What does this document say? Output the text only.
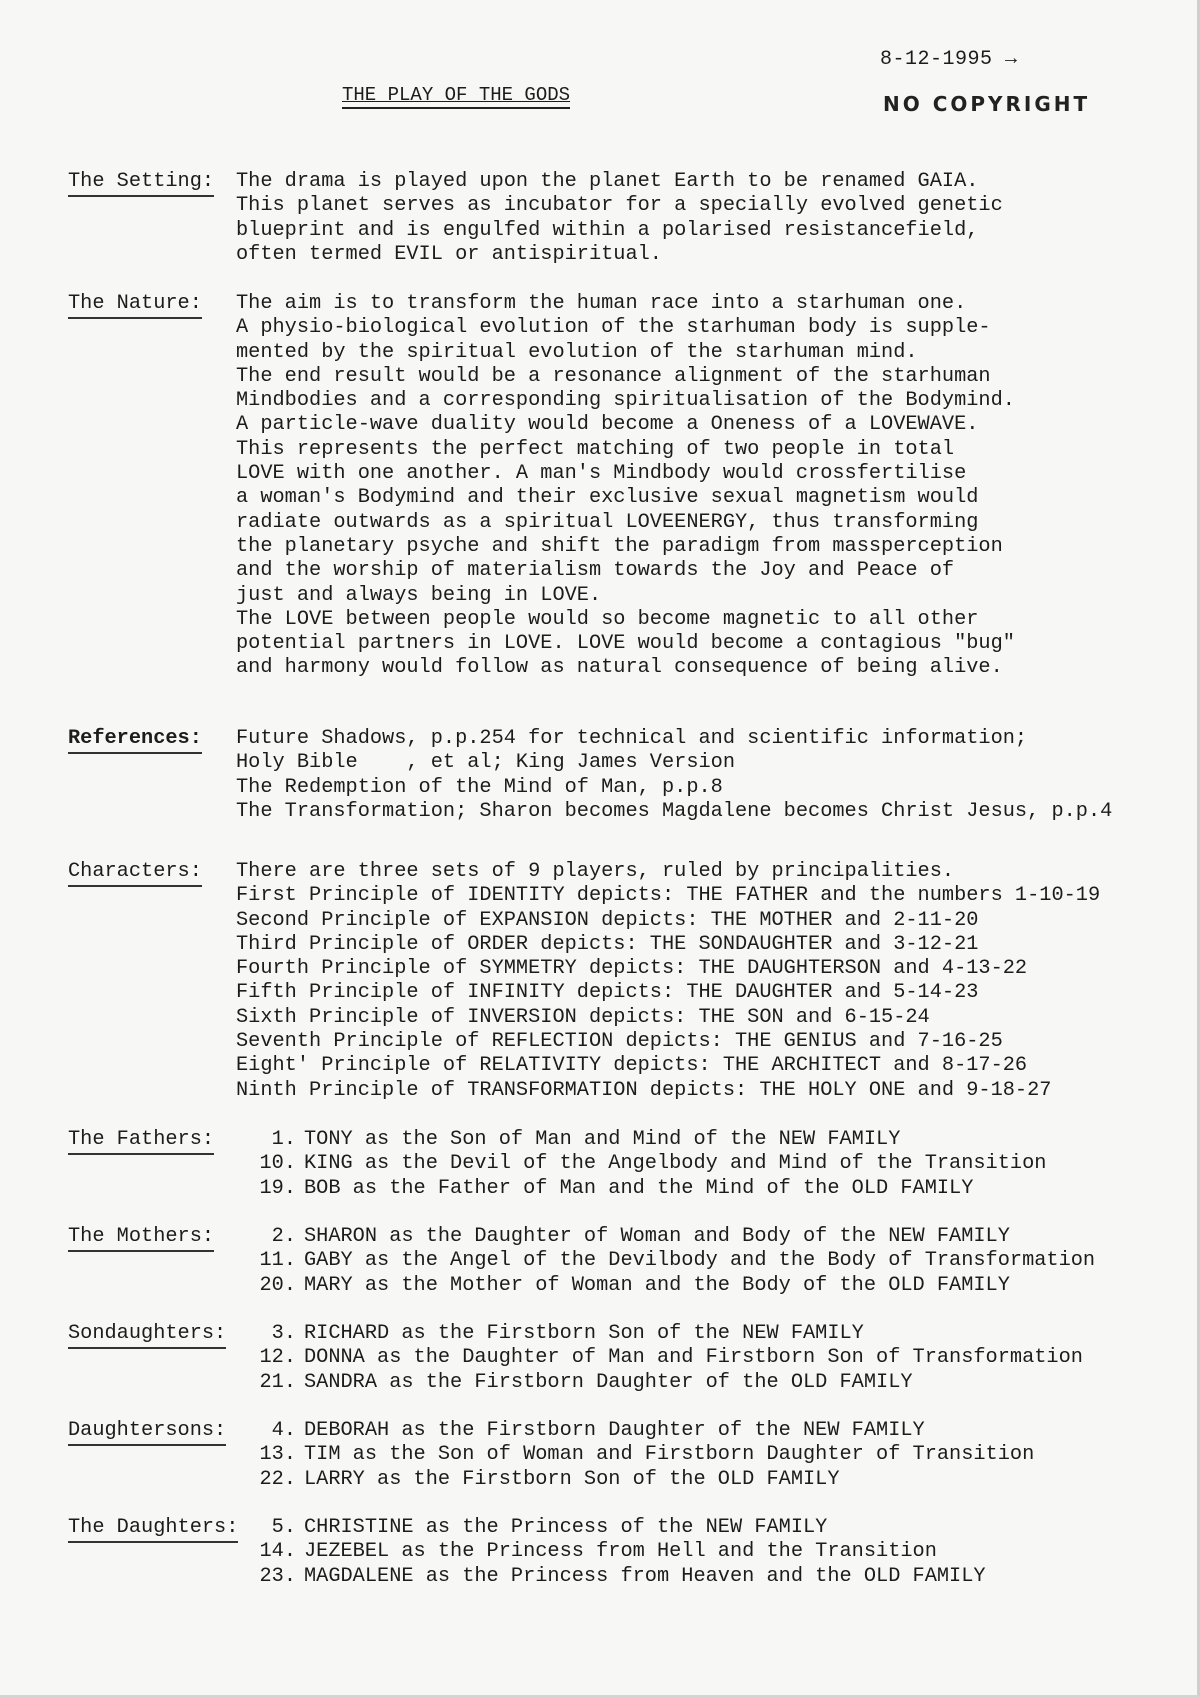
8-12-1995 →
NO COPYRIGHT
THE PLAY OF THE GODS
The Setting:	The drama is played upon the planet Earth to be renamed GAIA.
This planet serves as incubator for a specially evolved genetic
blueprint and is engulfed within a polarised resistancefield,
often termed EVIL or antispiritual.
The Nature:	The aim is to transform the human race into a starhuman one.
A physio-biological evolution of the starhuman body is supple-
mented by the spiritual evolution of the starhuman mind.
The end result would be a resonance alignment of the starhuman
Mindbodies and a corresponding spiritualisation of the Bodymind.
A particle-wave duality would become a Oneness of a LOVEWAVE.
This represents the perfect matching of two people in total
LOVE with one another. A man's Mindbody would crossfertilise
a woman's Bodymind and their exclusive sexual magnetism would
radiate outwards as a spiritual LOVEENERGY, thus transforming
the planetary psyche and shift the paradigm from massperception
and the worship of materialism towards the Joy and Peace of
just and always being in LOVE.
The LOVE between people would so become magnetic to all other
potential partners in LOVE. LOVE would become a contagious "bug"
and harmony would follow as natural consequence of being alive.
References:	Future Shadows, p.p.254 for technical and scientific information;
Holy Bible    , et al; King James Version
The Redemption of the Mind of Man, p.p.8
The Transformation; Sharon becomes Magdalene becomes Christ Jesus, p.p.4
Characters:	There are three sets of 9 players, ruled by principalities.
First Principle of IDENTITY depicts: THE FATHER and the numbers 1-10-19
Second Principle of EXPANSION depicts: THE MOTHER and 2-11-20
Third Principle of ORDER depicts: THE SONDAUGHTER and 3-12-21
Fourth Principle of SYMMETRY depicts: THE DAUGHTERSON and 4-13-22
Fifth Principle of INFINITY depicts: THE DAUGHTER and 5-14-23
Sixth Principle of INVERSION depicts: THE SON and 6-15-24
Seventh Principle of REFLECTION depicts: THE GENIUS and 7-16-25
Eight' Principle of RELATIVITY depicts: THE ARCHITECT and 8-17-26
Ninth Principle of TRANSFORMATION depicts: THE HOLY ONE and 9-18-27
The Fathers:	1. TONY as the Son of Man and Mind of the NEW FAMILY
10. KING as the Devil of the Angelbody and Mind of the Transition
19. BOB as the Father of Man and the Mind of the OLD FAMILY
The Mothers:	2. SHARON as the Daughter of Woman and Body of the NEW FAMILY
11. GABY as the Angel of the Devilbody and the Body of Transformation
20. MARY as the Mother of Woman and the Body of the OLD FAMILY
Sondaughters:	3. RICHARD as the Firstborn Son of the NEW FAMILY
12. DONNA as the Daughter of Man and Firstborn Son of Transformation
21. SANDRA as the Firstborn Daughter of the OLD FAMILY
Daughtersons:	4. DEBORAH as the Firstborn Daughter of the NEW FAMILY
13. TIM as the Son of Woman and Firstborn Daughter of Transition
22. LARRY as the Firstborn Son of the OLD FAMILY
The Daughters:	5. CHRISTINE as the Princess of the NEW FAMILY
14. JEZEBEL as the Princess from Hell and the Transition
23. MAGDALENE as the Princess from Heaven and the OLD FAMILY
